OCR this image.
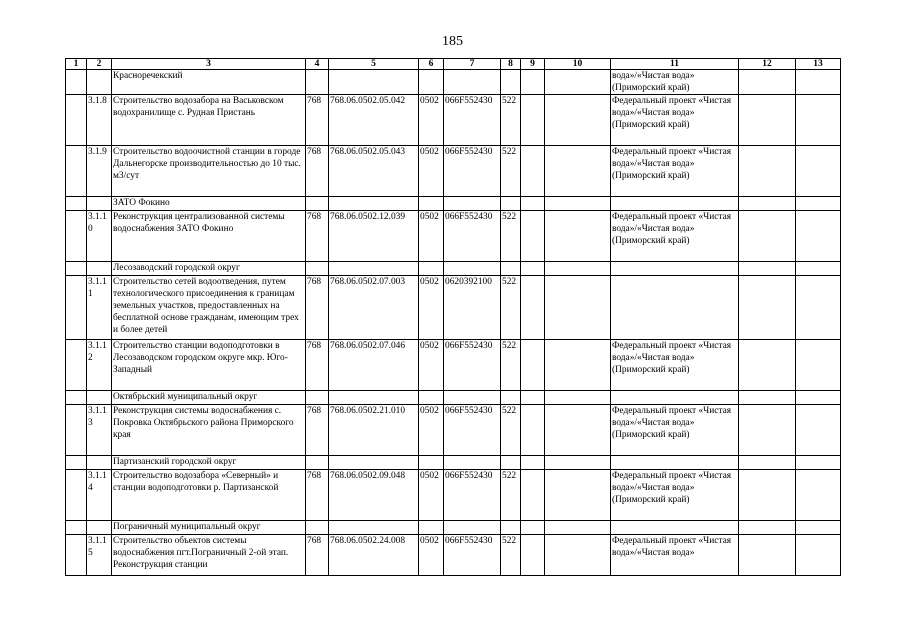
185
1	2	3	4	5	6	7	8	9	10	11	12	13
		Красноречекский								вода»/«Чистая вода» (Приморский край)		
	3.1.8	Строительство водозабора на Васьковском водохранилище с. Рудная Пристань	768	768.06.0502.05.042	0502	066F552430	522			Федеральный проект «Чистая вода»/«Чистая вода» (Приморский край)		
	3.1.9	Строительство водоочистной станции в городе Дальнегорске производительностью до 10 тыс. м3/сут	768	768.06.0502.05.043	0502	066F552430	522			Федеральный проект «Чистая вода»/«Чистая вода» (Приморский край)		
		ЗАТО Фокино										
	3.1.1 0	Реконструкция централизованной системы водоснабжения ЗАТО Фокино	768	768.06.0502.12.039	0502	066F552430	522			Федеральный проект «Чистая вода»/«Чистая вода» (Приморский край)		
		Лесозаводский городской округ										
	3.1.1 1	Строительство сетей водоотведения, путем технологического присоединения к границам земельных участков, предоставленных на бесплатной основе гражданам, имеющим трех и более детей	768	768.06.0502.07.003	0502	0620392100	522					
	3.1.1 2	Строительство станции водоподготовки в Лесозаводском городском округе мкр. Юго-Западный	768	768.06.0502.07.046	0502	066F552430	522			Федеральный проект «Чистая вода»/«Чистая вода» (Приморский край)		
		Октябрьский муниципальный округ										
	3.1.1 3	Реконструкция системы водоснабжения с. Покровка Октябрьского района Приморского края	768	768.06.0502.21.010	0502	066F552430	522			Федеральный проект «Чистая вода»/«Чистая вода» (Приморский край)		
		Партизанский городской округ										
	3.1.1 4	Строительство водозабора «Северный» и станции водоподготовки р. Партизанской	768	768.06.0502.09.048	0502	066F552430	522			Федеральный проект «Чистая вода»/«Чистая вода» (Приморский край)		
		Пограничный муниципальный округ										
	3.1.1 5	Строительство объектов системы водоснабжения пгт.Пограничный 2-ой этап. Реконструкция станции	768	768.06.0502.24.008	0502	066F552430	522			Федеральный проект «Чистая вода»/«Чистая вода»		
